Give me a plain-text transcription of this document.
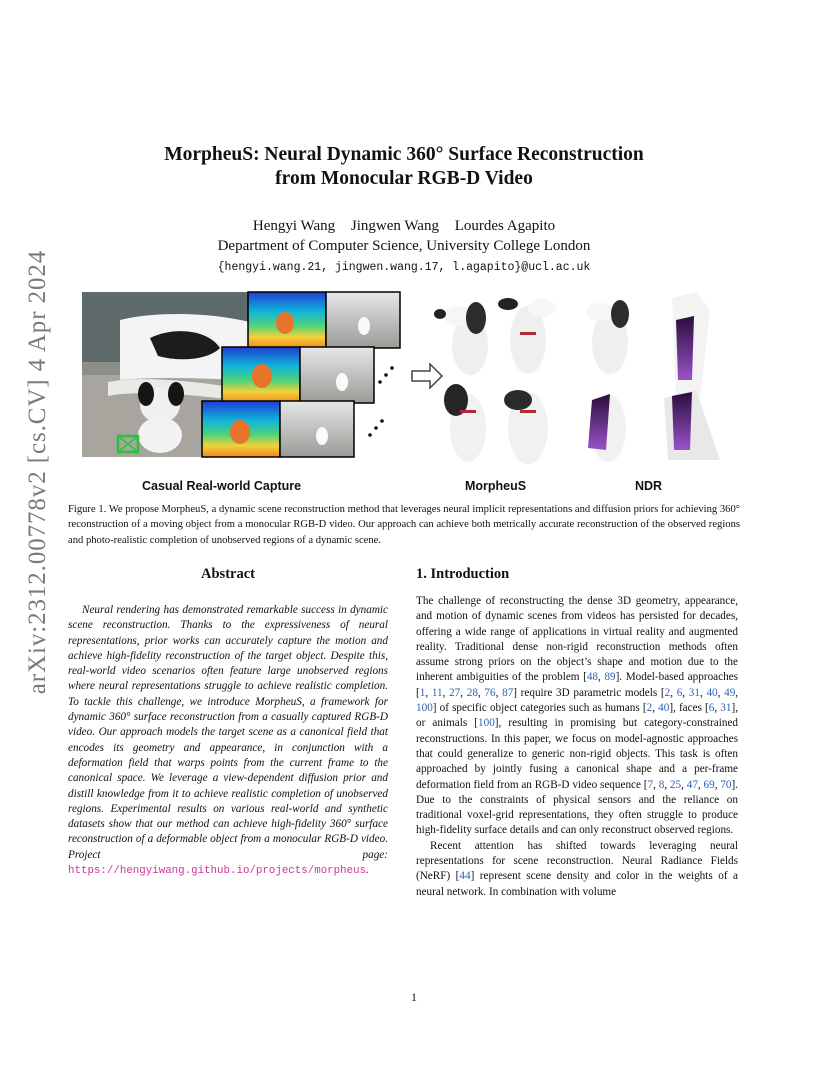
arXiv:2312.00778v2 [cs.CV] 4 Apr 2024
MorpheuS: Neural Dynamic 360° Surface Reconstruction
from Monocular RGB-D Video
Hengyi Wang Jingwen Wang Lourdes Agapito
Department of Computer Science, University College London
{hengyi.wang.21, jingwen.wang.17, l.agapito}@ucl.ac.uk
Casual Real-world Capture	MorpheuS	NDR
Figure 1. We propose MorpheuS, a dynamic scene reconstruction method that leverages neural implicit representations and diffusion priors for achieving 360° reconstruction of a moving object from a monocular RGB-D video. Our approach can achieve both metrically accurate reconstruction of the observed regions and photo-realistic completion of unobserved regions of a dynamic scene.
Abstract
Neural rendering has demonstrated remarkable success in dynamic scene reconstruction. Thanks to the expressiveness of neural representations, prior works can accurately capture the motion and achieve high-fidelity reconstruction of the target object. Despite this, real-world video scenarios often feature large unobserved regions where neural representations struggle to achieve realistic completion. To tackle this challenge, we introduce MorpheuS, a framework for dynamic 360° surface reconstruction from a casually captured RGB-D video. Our approach models the target scene as a canonical field that encodes its geometry and appearance, in conjunction with a deformation field that warps points from the current frame to the canonical space. We leverage a view-dependent diffusion prior and distill knowledge from it to achieve realistic completion of unobserved regions. Experimental results on various real-world and synthetic datasets show that our method can achieve high-fidelity 360° surface reconstruction of a deformable object from a monocular RGB-D video. Project page: https://hengyiwang.github.io/projects/morpheus.
1. Introduction

The challenge of reconstructing the dense 3D geometry, appearance, and motion of dynamic scenes from videos has persisted for decades, offering a wide range of applications in virtual reality and augmented reality. Traditional dense non-rigid reconstruction methods often assume strong priors on the object’s shape and motion due to the inherent ambiguities of the problem [48, 89]. Model-based approaches [1, 11, 27, 28, 76, 87] require 3D parametric models [2, 6, 31, 40, 49, 100] of specific object categories such as humans [2, 40], faces [6, 31], or animals [100], resulting in promising but category-constrained reconstructions. In this paper, we focus on model-agnostic approaches that could generalize to generic non-rigid objects. This task is often approached by jointly fusing a canonical shape and a per-frame deformation field from an RGB-D video sequence [7, 8, 25, 47, 69, 70]. Due to the constraints of physical sensors and the reliance on traditional voxel-grid representations, they often struggle to produce high-fidelity surface details and can only reconstruct observed regions.

Recent attention has shifted towards leveraging neural representations for scene reconstruction. Neural Radiance Fields (NeRF) [44] represent scene density and color in the weights of a neural network. In combination with volume

1
